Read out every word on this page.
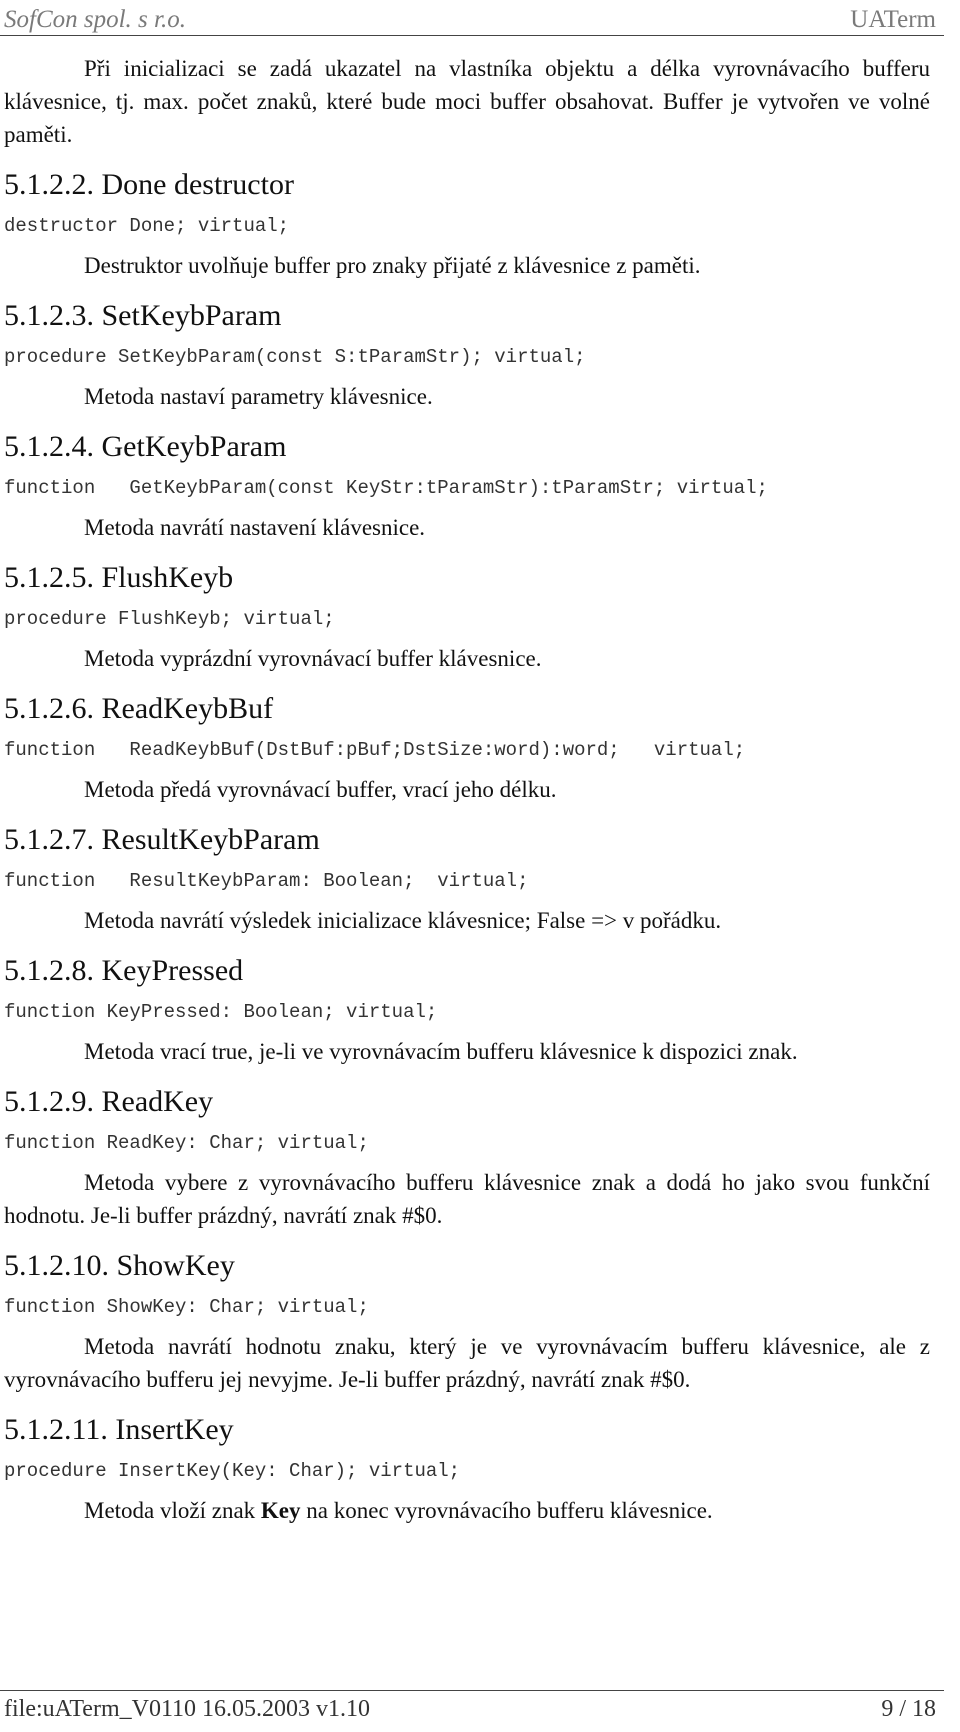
SofCon spol. s r.o.	UATerm

Při inicializaci se zadá ukazatel na vlastníka objektu a délka vyrovnávacího bufferu klávesnice, tj. max. počet znaků, které bude moci buffer obsahovat. Buffer je vytvořen ve volné paměti.

5.1.2.2. Done destructor
destructor Done; virtual;

Destruktor uvolňuje buffer pro znaky přijaté z klávesnice z paměti.

5.1.2.3. SetKeybParam
procedure SetKeybParam(const S:tParamStr); virtual;

Metoda nastaví parametry klávesnice.

5.1.2.4. GetKeybParam
function   GetKeybParam(const KeyStr:tParamStr):tParamStr; virtual;

Metoda navrátí nastavení klávesnice.

5.1.2.5. FlushKeyb
procedure FlushKeyb; virtual;

Metoda vyprázdní vyrovnávací buffer klávesnice.

5.1.2.6. ReadKeybBuf
function   ReadKeybBuf(DstBuf:pBuf;DstSize:word):word;   virtual;

Metoda předá vyrovnávací buffer, vrací jeho délku.

5.1.2.7. ResultKeybParam
function   ResultKeybParam: Boolean;  virtual;

Metoda navrátí výsledek inicializace klávesnice; False => v pořádku.

5.1.2.8. KeyPressed
function KeyPressed: Boolean; virtual;

Metoda vrací true, je-li ve vyrovnávacím bufferu klávesnice k dispozici znak.

5.1.2.9. ReadKey
function ReadKey: Char; virtual;

Metoda vybere z vyrovnávacího bufferu klávesnice znak a dodá ho jako svou funkční hodnotu. Je-li buffer prázdný, navrátí znak #$0.

5.1.2.10. ShowKey
function ShowKey: Char; virtual;

Metoda navrátí hodnotu znaku, který je ve vyrovnávacím bufferu klávesnice, ale z vyrovnávacího bufferu jej nevyjme. Je-li buffer prázdný, navrátí znak #$0.

5.1.2.11. InsertKey
procedure InsertKey(Key: Char); virtual;

Metoda vloží znak Key na konec vyrovnávacího bufferu klávesnice.

file:uATerm_V0110 16.05.2003 v1.10	9 / 18
